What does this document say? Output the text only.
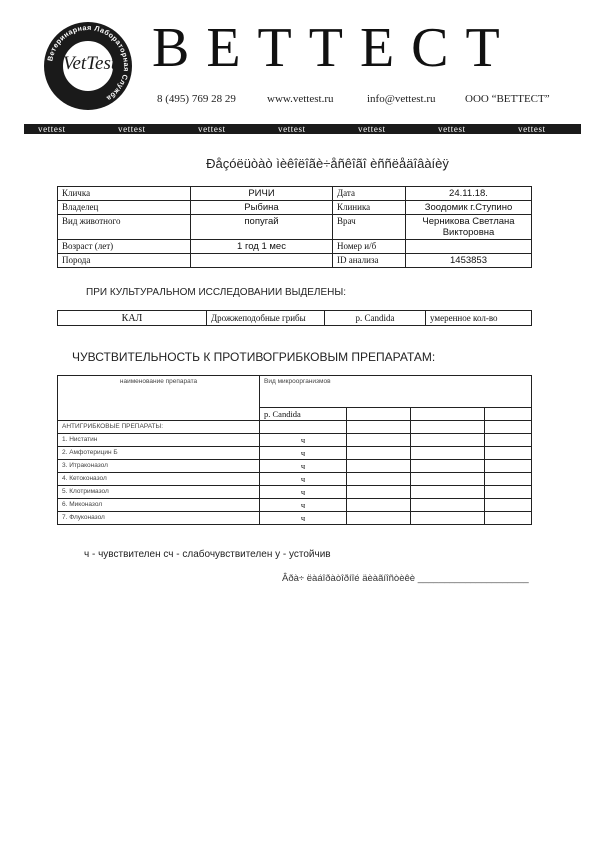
Ветеринарная Лабораторная Служба
VetTest BETTECT
8 (495) 769 28 29	www.vettest.ru	info@vettest.ru	ООО “ВЕТТЕСТ”
vettest	vettest	vettest	vettest	vettest	vettest	vettest
Đåçóëüòàò ìèêîëîãè÷åñêîãî èññëåäîâàíèÿ
Кличка	РИЧИ	Дата	24.11.18.
Владелец	Рыбина	Клиника	Зоодомик г.Ступино
Вид животного	попугай	Врач	Черникова Светлана Викторовна
Возраст (лет)	1 год 1 мес	Номер и/б	
Порода		ID анализа	1453853
ПРИ КУЛЬТУРАЛЬНОМ ИССЛЕДОВАНИИ ВЫДЕЛЕНЫ:
КАЛ	Дрожжеподобные грибы	р. Candida	умеренное кол-во
ЧУВСТВИТЕЛЬНОСТЬ К ПРОТИВОГРИБКОВЫМ ПРЕПАРАТАМ:
наименование препарата	Вид микроорганизмов			
	р. Candida			
АНТИГРИБКОВЫЕ ПРЕПАРАТЫ:				
1. Нистатин	ч			
2. Амфотерицин Б	ч			
3. Итраконазол	ч			
4. Кетоконазол	ч			
5. Клотримазол	ч			
6. Миконазол	ч			
7. Флуконазол	ч			
ч - чувствителен сч - слабочувствителен у - устойчив
Âðà÷ ëàáîðàòîðíîé äèàãíîñòèêè _____________________
